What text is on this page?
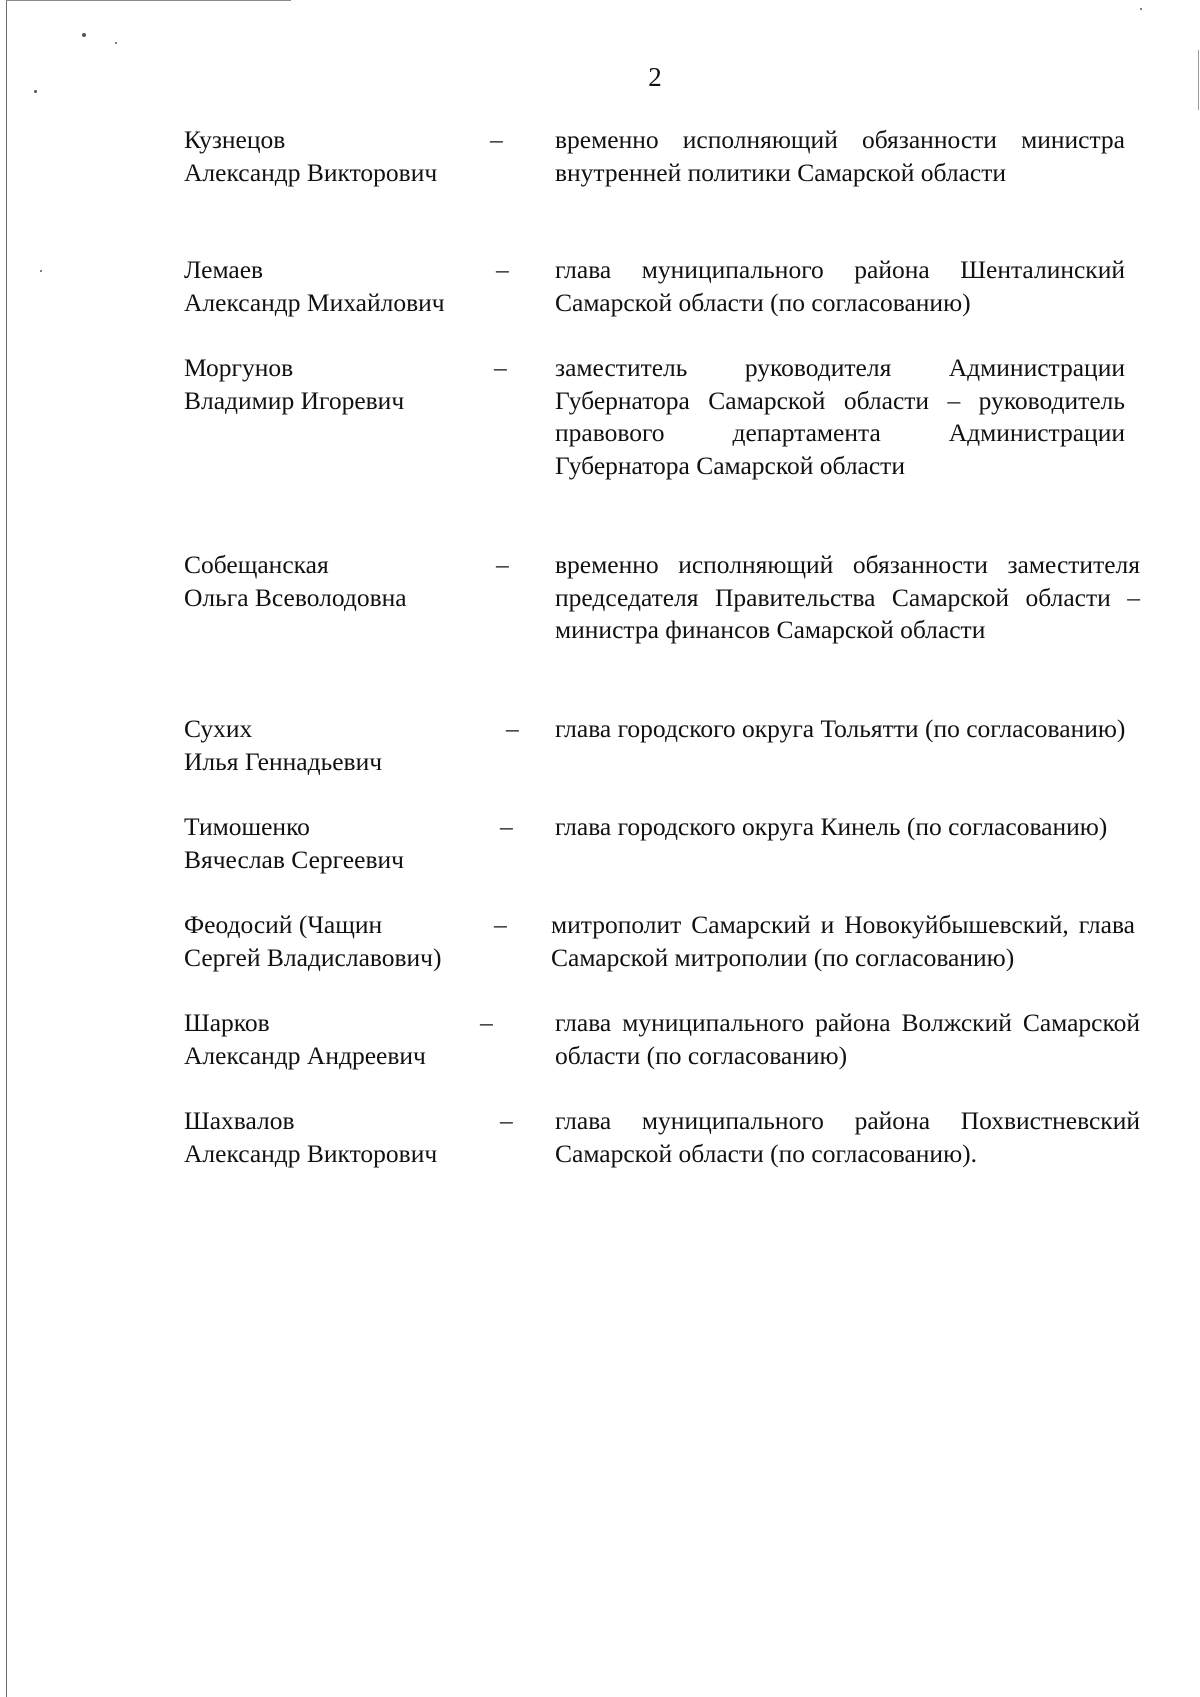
2
Кузнецов
Александр Викторович
– временно исполняющий обязанности министра внутренней политики Самарской области
Лемаев
Александр Михайлович
– глава муниципального района Шенталинский Самарской области (по согласованию)
Моргунов
Владимир Игоревич
– заместитель руководителя Администрации Губернатора Самарской области – руководитель правового департамента Администрации Губернатора Самарской области
Собещанская
Ольга Всеволодовна
– временно исполняющий обязанности заместителя председателя Правительства Самарской области – министра финансов Самарской области
Сухих
Илья Геннадьевич
– глава городского округа Тольятти (по согласованию)
Тимошенко
Вячеслав Сергеевич
– глава городского округа Кинель (по согласованию)
Феодосий (Чащин
Сергей Владиславович)
– митрополит Самарский и Новокуйбышевский, глава Самарской митрополии (по согласованию)
Шарков
Александр Андреевич
– глава муниципального района Волжский Самарской области (по согласованию)
Шахвалов
Александр Викторович
– глава муниципального района Похвистневский Самарской области (по согласованию).
